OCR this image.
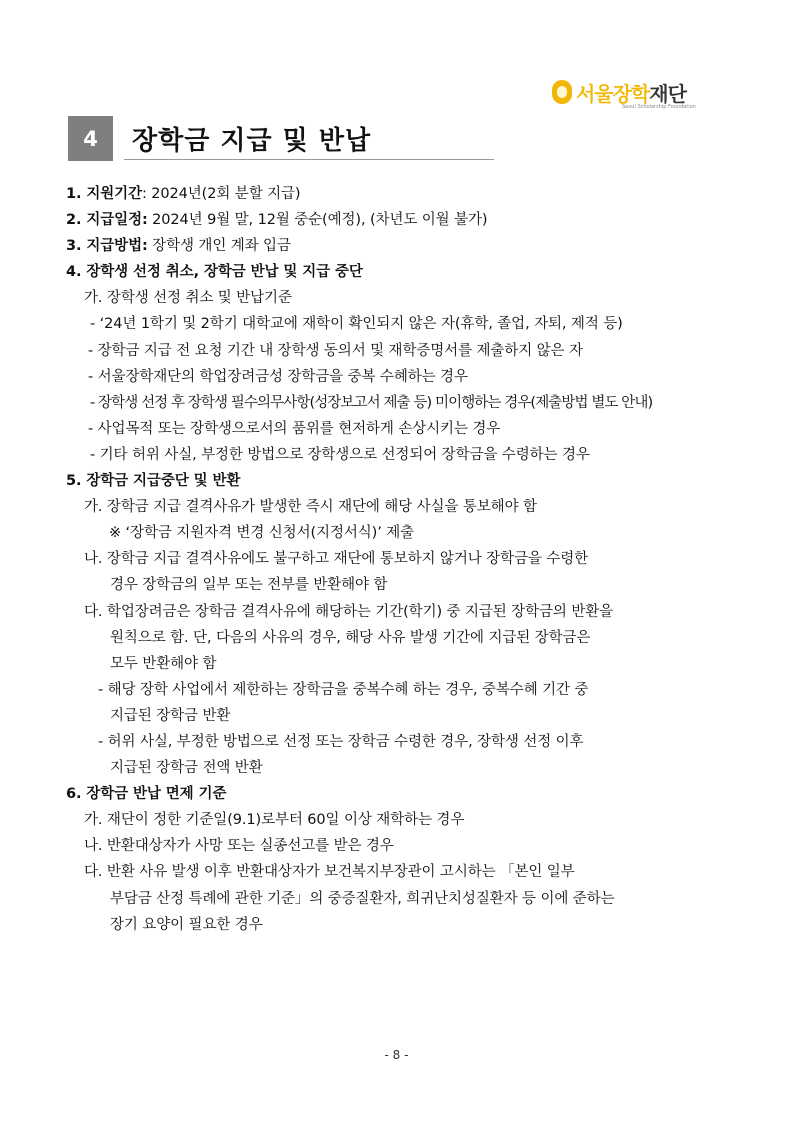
서울장학재단
Seoul Scholarship Foundation
4	장학금 지급 및 반납
1. 지원기간: 2024년(2회 분할 지급)
2. 지급일정: 2024년 9월 말, 12월 중순(예정), (차년도 이월 불가)
3. 지급방법: 장학생 개인 계좌 입금
4. 장학생 선정 취소, 장학금 반납 및 지급 중단
가. 장학생 선정 취소 및 반납기준
- ‘24년 1학기 및 2학기 대학교에 재학이 확인되지 않은 자(휴학, 졸업, 자퇴, 제적 등)
- 장학금 지급 전 요청 기간 내 장학생 동의서 및 재학증명서를 제출하지 않은 자
- 서울장학재단의 학업장려금성 장학금을 중복 수혜하는 경우
- 장학생 선정 후 장학생 필수의무사항(성장보고서 제출 등) 미이행하는 경우(제출방법 별도 안내)
- 사업목적 또는 장학생으로서의 품위를 현저하게 손상시키는 경우
- 기타 허위 사실, 부정한 방법으로 장학생으로 선정되어 장학금을 수령하는 경우
5. 장학금 지급중단 및 반환
가. 장학금 지급 결격사유가 발생한 즉시 재단에 해당 사실을 통보해야 함
※ ‘장학금 지원자격 변경 신청서(지정서식)’ 제출
나. 장학금 지급 결격사유에도 불구하고 재단에 통보하지 않거나 장학금을 수령한
경우 장학금의 일부 또는 전부를 반환해야 함
다. 학업장려금은 장학금 결격사유에 해당하는 기간(학기) 중 지급된 장학금의 반환을
원칙으로 함. 단, 다음의 사유의 경우, 해당 사유 발생 기간에 지급된 장학금은
모두 반환해야 함
- 해당 장학 사업에서 제한하는 장학금을 중복수혜 하는 경우, 중복수혜 기간 중
지급된 장학금 반환
- 허위 사실, 부정한 방법으로 선정 또는 장학금 수령한 경우, 장학생 선정 이후
지급된 장학금 전액 반환
6. 장학금 반납 면제 기준
가. 재단이 정한 기준일(9.1)로부터 60일 이상 재학하는 경우
나. 반환대상자가 사망 또는 실종선고를 받은 경우
다. 반환 사유 발생 이후 반환대상자가 보건복지부장관이 고시하는 「본인 일부
부담금 산정 특례에 관한 기준」의 중증질환자, 희귀난치성질환자 등 이에 준하는
장기 요양이 필요한 경우
- 8 -
